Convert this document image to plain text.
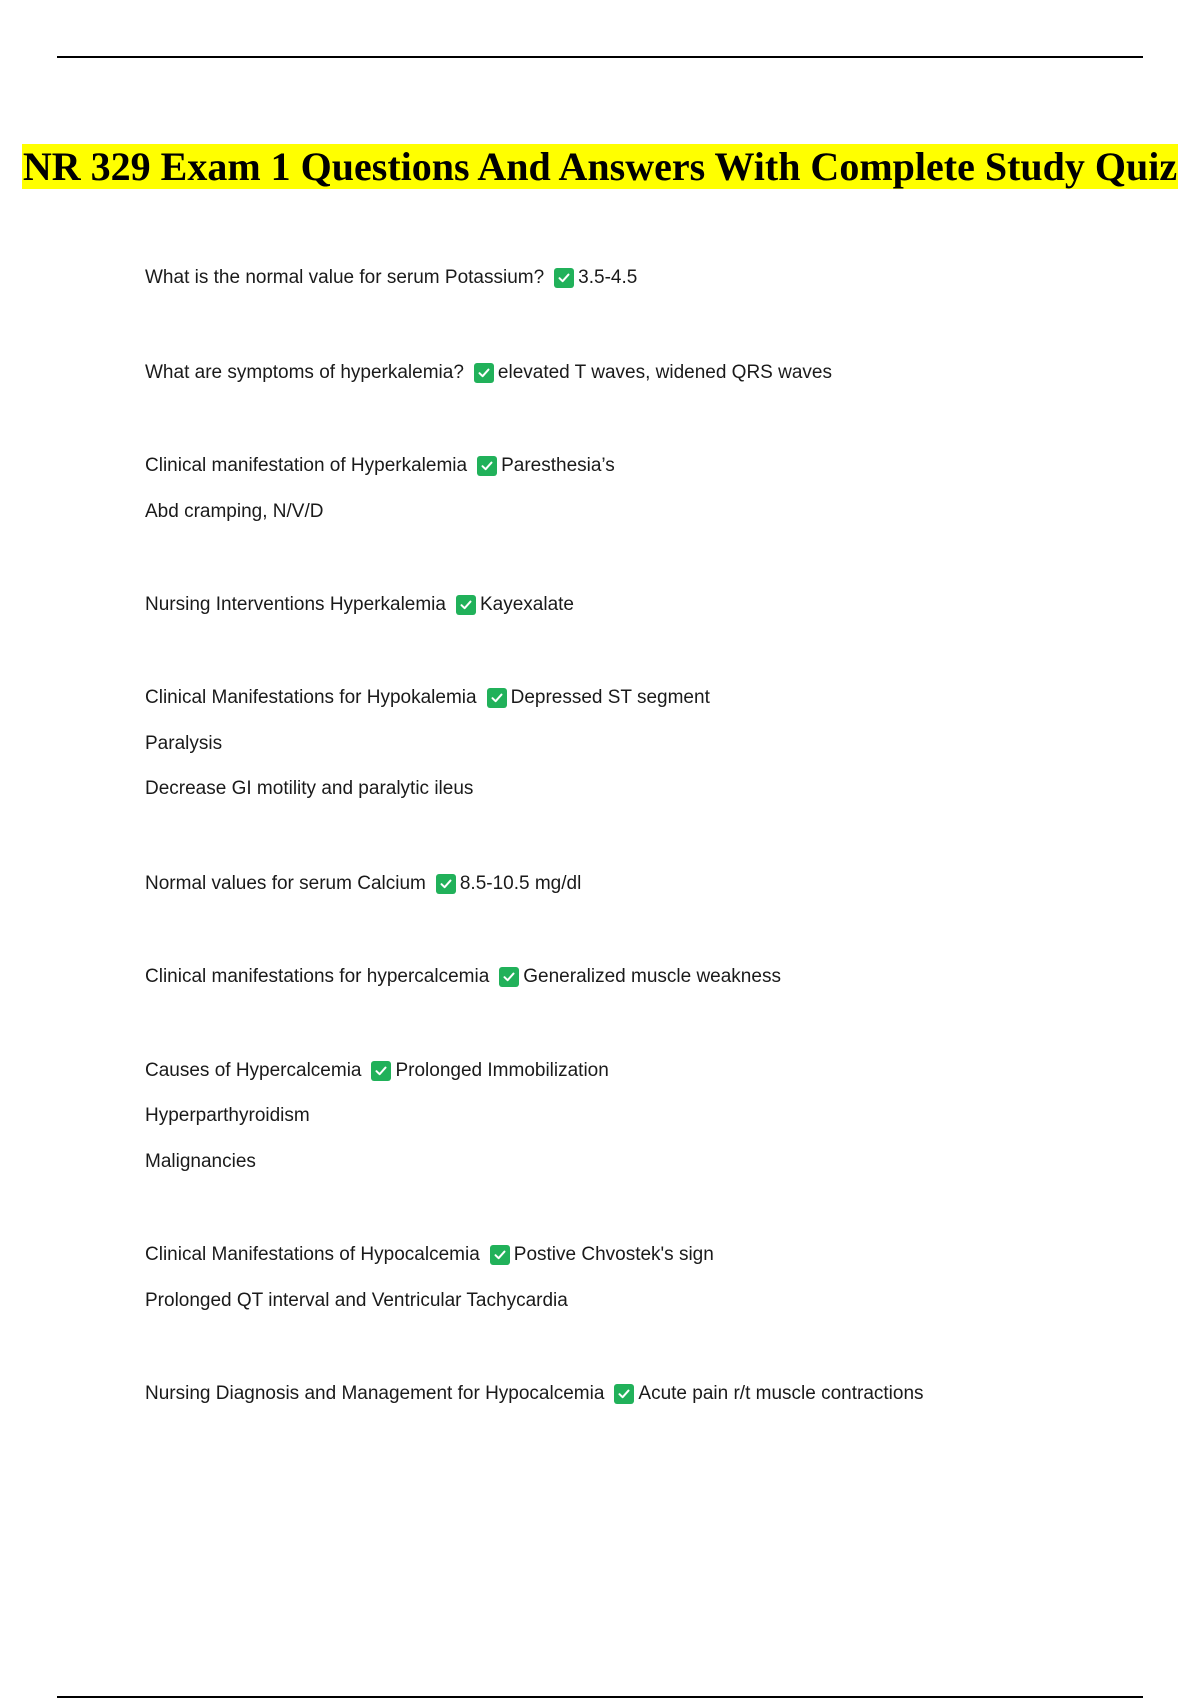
NR 329 Exam 1 Questions And Answers With Complete Study Quiz
What is the normal value for serum Potassium? 3.5-4.5
What are symptoms of hyperkalemia? elevated T waves, widened QRS waves
Clinical manifestation of Hyperkalemia Paresthesia’s
Abd cramping, N/V/D
Nursing Interventions Hyperkalemia Kayexalate
Clinical Manifestations for Hypokalemia Depressed ST segment
Paralysis
Decrease GI motility and paralytic ileus
Normal values for serum Calcium 8.5-10.5 mg/dl
Clinical manifestations for hypercalcemia Generalized muscle weakness
Causes of Hypercalcemia Prolonged Immobilization
Hyperparthyroidism
Malignancies
Clinical Manifestations of Hypocalcemia Postive Chvostek's sign
Prolonged QT interval and Ventricular Tachycardia
Nursing Diagnosis and Management for Hypocalcemia Acute pain r/t muscle contractions
